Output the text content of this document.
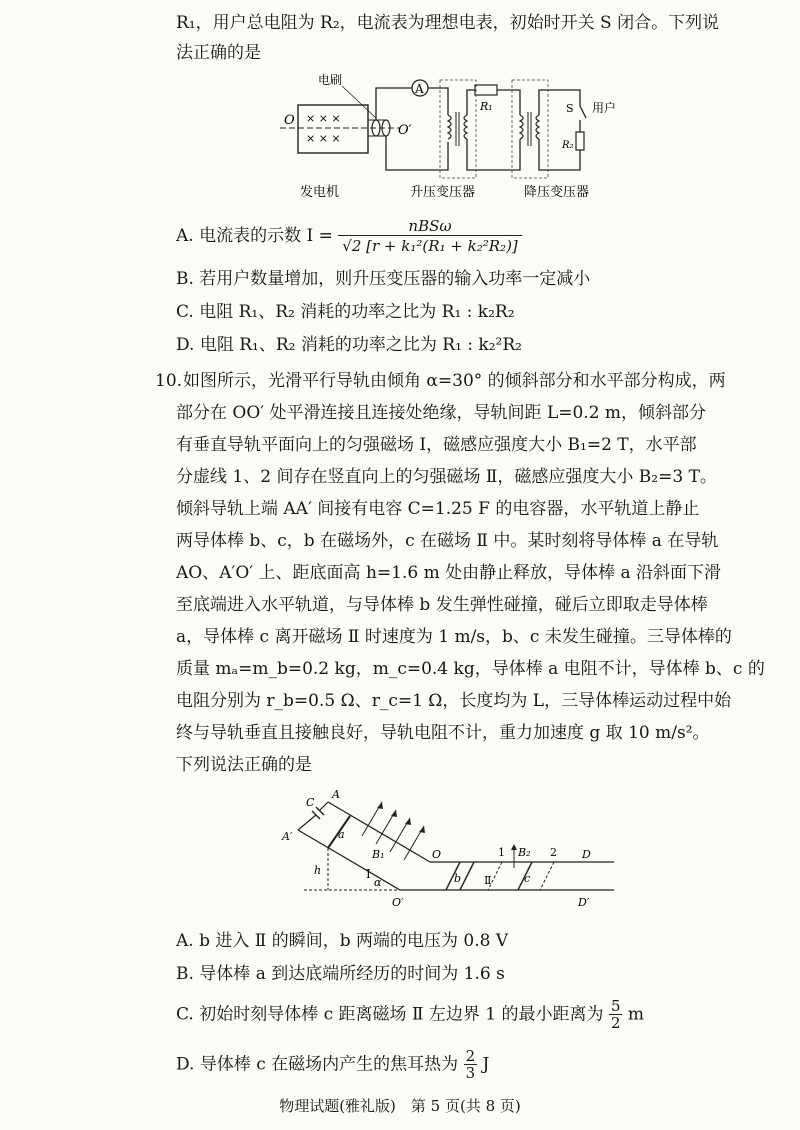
R₁，用户总电阻为 R₂，电流表为理想电表，初始时开关 S 闭合。下列说
法正确的是
× × ×
× × ×
O
O′
电刷
A
R₁	S
R₂
用户
发电机	升压变压器	降压变压器
A. 电流表的示数 $I = \frac{\text{nBSω}}{\text{√2 [r + k₁²(R₁ + k₂²R₂)]}}$
B. 若用户数量增加，则升压变压器的输入功率一定减小
C. 电阻 R₁、R₂ 消耗的功率之比为 R₁ : k₂R₂
D. 电阻 R₁、R₂ 消耗的功率之比为 R₁ : k₂²R₂
10. 如图所示，光滑平行导轨由倾角 α=30° 的倾斜部分和水平部分构成，两
部分在 OO′ 处平滑连接且连接处绝缘，导轨间距 L=0.2 m，倾斜部分
有垂直导轨平面向上的匀强磁场 Ⅰ，磁感应强度大小 B₁=2 T，水平部
分虚线 1、2 间存在竖直向上的匀强磁场 Ⅱ，磁感应强度大小 B₂=3 T。
倾斜导轨上端 AA′ 间接有电容 C=1.25 F 的电容器，水平轨道上静止
两导体棒 b、c，b 在磁场外，c 在磁场 Ⅱ 中。某时刻将导体棒 a 在导轨
AO、A′O′ 上、距底面高 h=1.6 m 处由静止释放，导体棒 a 沿斜面下滑
至底端进入水平轨道，与导体棒 b 发生弹性碰撞，碰后立即取走导体棒
a，导体棒 c 离开磁场 Ⅱ 时速度为 1 m/s，b、c 未发生碰撞。三导体棒的
质量 mₐ=m_b=0.2 kg，m_c=0.4 kg，导体棒 a 电阻不计，导体棒 b、c 的
电阻分别为 r_b=0.5 Ω、r_c=1 Ω，长度均为 L，三导体棒运动过程中始
终与导轨垂直且接触良好，导轨电阻不计，重力加速度 g 取 10 m/s²。
下列说法正确的是
A
A′
C
a
B₁
Ⅰ
O
O′
D
D′
h
α	b
1	2
Ⅱ
B₂
c
A. b 进入 Ⅱ 的瞬间，b 两端的电压为 0.8 V
B. 导体棒 a 到达底端所经历的时间为 1.6 s
C. 初始时刻导体棒 c 距离磁场 Ⅱ 左边界 1 的最小距离为 $\frac{5}{2}$ m
D. 导体棒 c 在磁场内产生的焦耳热为 $\frac{2}{3}$ J
物理试题(雅礼版)　第 5 页(共 8 页)
